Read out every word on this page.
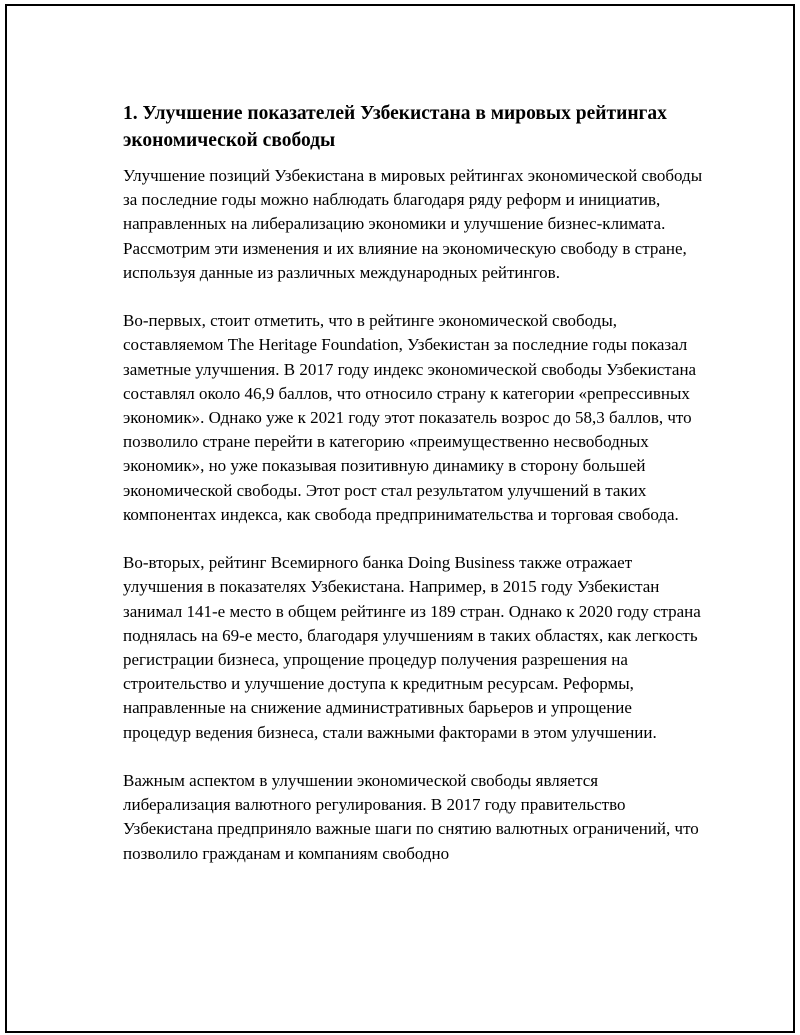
1. Улучшение показателей Узбекистана в мировых рейтингах экономической свободы

Улучшение позиций Узбекистана в мировых рейтингах экономической свободы за последние годы можно наблюдать благодаря ряду реформ и инициатив, направленных на либерализацию экономики и улучшение бизнес-климата. Рассмотрим эти изменения и их влияние на экономическую свободу в стране, используя данные из различных международных рейтингов.

Во-первых, стоит отметить, что в рейтинге экономической свободы, составляемом The Heritage Foundation, Узбекистан за последние годы показал заметные улучшения. В 2017 году индекс экономической свободы Узбекистана составлял около 46,9 баллов, что относило страну к категории «репрессивных экономик». Однако уже к 2021 году этот показатель возрос до 58,3 баллов, что позволило стране перейти в категорию «преимущественно несвободных экономик», но уже показывая позитивную динамику в сторону большей экономической свободы. Этот рост стал результатом улучшений в таких компонентах индекса, как свобода предпринимательства и торговая свобода.

Во-вторых, рейтинг Всемирного банка Doing Business также отражает улучшения в показателях Узбекистана. Например, в 2015 году Узбекистан занимал 141-е место в общем рейтинге из 189 стран. Однако к 2020 году страна поднялась на 69-е место, благодаря улучшениям в таких областях, как легкость регистрации бизнеса, упрощение процедур получения разрешения на строительство и улучшение доступа к кредитным ресурсам. Реформы, направленные на снижение административных барьеров и упрощение процедур ведения бизнеса, стали важными факторами в этом улучшении.

Важным аспектом в улучшении экономической свободы является либерализация валютного регулирования. В 2017 году правительство Узбекистана предприняло важные шаги по снятию валютных ограничений, что позволило гражданам и компаниям свободно
